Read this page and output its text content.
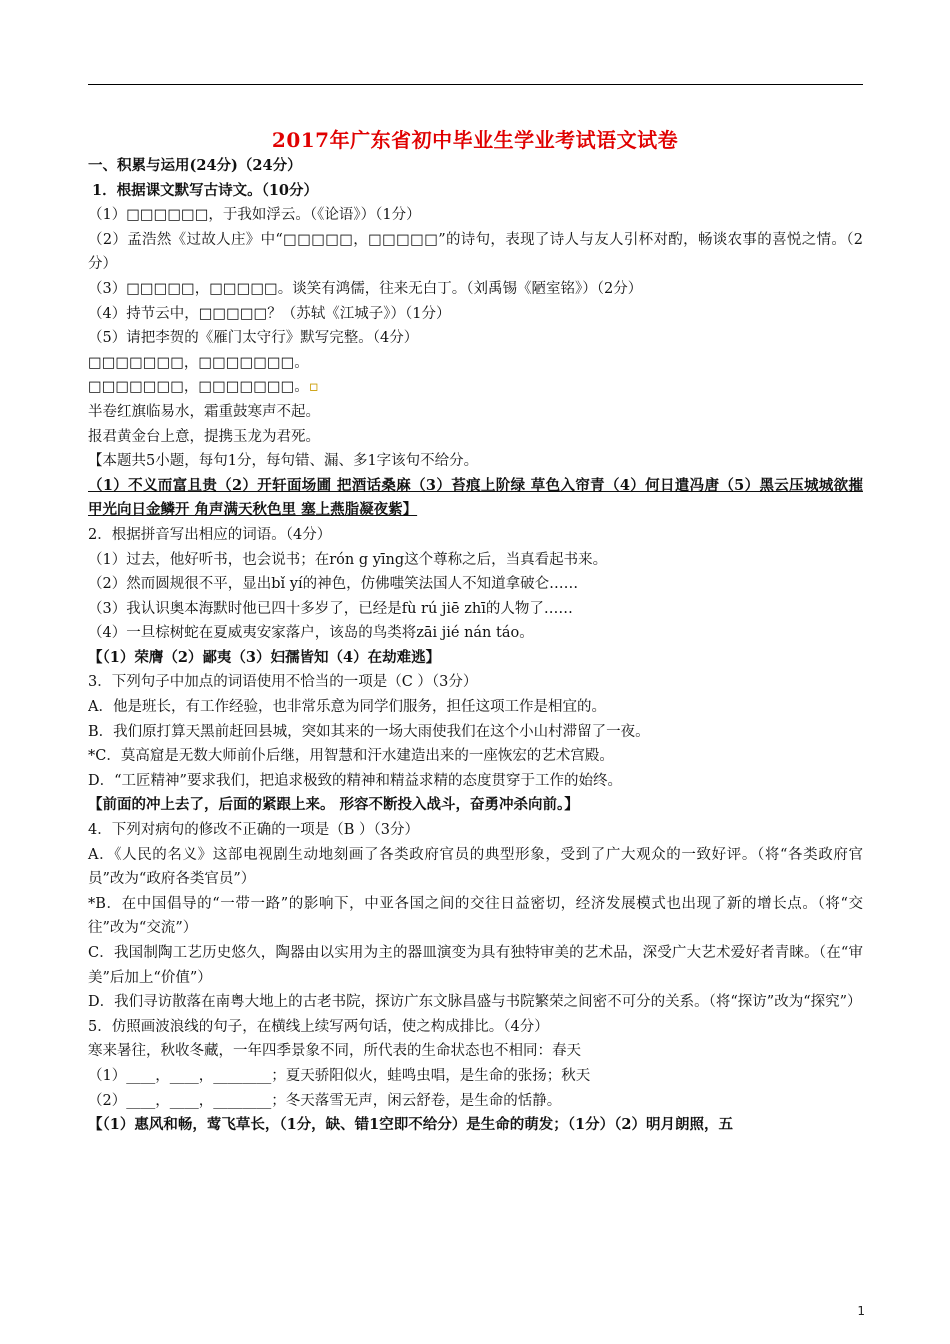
2017年广东省初中毕业生学业考试语文试卷
一、积累与运用(24分)（24分）
1．根据课文默写古诗文。（10分）
（1）□□□□□□，于我如浮云。（《论语》）（1分）
（2）孟浩然《过故人庄》中“□□□□□，□□□□□”的诗句，表现了诗人与友人引杯对酌，畅谈农事的喜悦之情。（2分）
（3）□□□□□，□□□□□。谈笑有鸿儒，往来无白丁。（刘禹锡《陋室铭》）（2分）
（4）持节云中，□□□□□？（苏轼《江城子》）（1分）
（5）请把李贺的《雁门太守行》默写完整。（4分）
□□□□□□□，□□□□□□□。
□□□□□□□，□□□□□□□。▫
半卷红旗临易水，霜重鼓寒声不起。
报君黄金台上意，提携玉龙为君死。
【本题共5小题，每句1分，每句错、漏、多1字该句不给分。
（1）不义而富且贵（2）开轩面场圃 把酒话桑麻（3）苔痕上阶绿 草色入帘青（4）何日遣冯唐（5）黑云压城城欲摧 甲光向日金鳞开 角声满天秋色里 塞上燕脂凝夜紫】
2．根据拼音写出相应的词语。（4分）
（1）过去，他好听书，也会说书；在rón g yīng这个尊称之后，当真看起书来。
（2）然而圆规很不平，显出bǐ yí的神色，仿佛嗤笑法国人不知道拿破仑……
（3）我认识奥本海默时他已四十多岁了，已经是fù rú jiē zhī的人物了……
（4）一旦棕树蛇在夏威夷安家落户，该岛的鸟类将zāi jié nán táo。
【（1）荣膺（2）鄙夷（3）妇孺皆知（4）在劫难逃】
3．下列句子中加点的词语使用不恰当的一项是（C ）（3分）
A．他是班长，有工作经验，也非常乐意为同学们服务，担任这项工作是相宜的。
B．我们原打算天黑前赶回县城，突如其来的一场大雨使我们在这个小山村滞留了一夜。
*C．莫高窟是无数大师前仆后继，用智慧和汗水建造出来的一座恢宏的艺术宫殿。
D．“工匠精神”要求我们，把追求极致的精神和精益求精的态度贯穿于工作的始终。
【前面的冲上去了，后面的紧跟上来。 形容不断投入战斗，奋勇冲杀向前。】
4．下列对病句的修改不正确的一项是（B ）（3分）
A．《人民的名义》这部电视剧生动地刻画了各类政府官员的典型形象，受到了广大观众的一致好评。（将“各类政府官员”改为“政府各类官员”）
*B．在中国倡导的“一带一路”的影响下，中亚各国之间的交往日益密切，经济发展模式也出现了新的增长点。（将“交往”改为“交流”）
C．我国制陶工艺历史悠久，陶器由以实用为主的器皿演变为具有独特审美的艺术品，深受广大艺术爱好者青睐。（在“审美”后加上“价值”）
D．我们寻访散落在南粤大地上的古老书院，探访广东文脉昌盛与书院繁荣之间密不可分的关系。（将“探访”改为“探究”）
5．仿照画波浪线的句子，在横线上续写两句话，使之构成排比。（4分）
寒来暑往，秋收冬藏，一年四季景象不同，所代表的生命状态也不相同：春天
（1）____，____，________；夏天骄阳似火，蛙鸣虫唱，是生命的张扬；秋天
（2）____，____，________；冬天落雪无声，闲云舒卷，是生命的恬静。
【（1）惠风和畅，莺飞草长，（1分，缺、错1空即不给分）是生命的萌发；（1分）（2）明月朗照，五
1
